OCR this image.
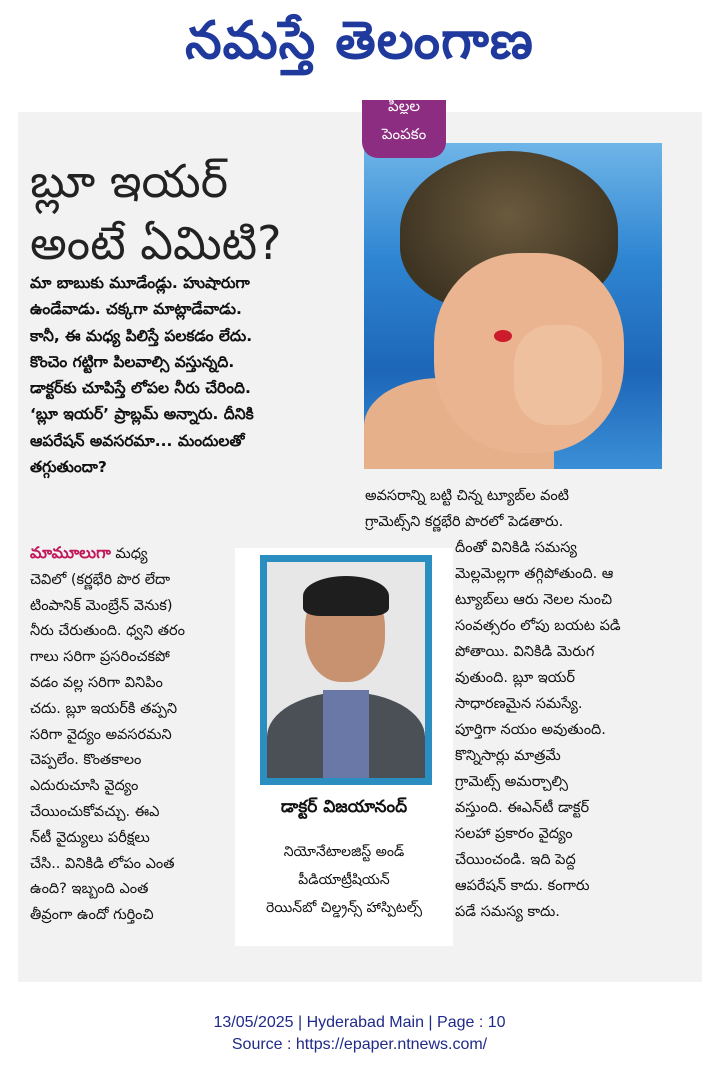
నమస్తే తెలంగాణ
పిల్లల
పెంపకం
బ్లూ ఇయర్
అంటే ఏమిటి?
మా బాబుకు మూడేండ్లు. హుషారుగా
ఉండేవాడు. చక్కగా మాట్లాడేవాడు.
కానీ, ఈ మధ్య పిలిస్తే పలకడం లేదు.
కొంచెం గట్టిగా పిలవాల్సి వస్తున్నది.
డాక్టర్‌కు చూపిస్తే లోపల నీరు చేరింది.
‘బ్లూ ఇయర్’ ప్రాబ్లమ్ అన్నారు. దీనికి
ఆపరేషన్ అవసరమా... మందులతో
తగ్గుతుందా?
మామూలుగా మధ్య
చెవిలో (కర్ణభేరి పొర లేదా
టింపానిక్ మెంబ్రేన్ వెనుక)
నీరు చేరుతుంది. ధ్వని తరం
గాలు సరిగా ప్రసరించకపో
వడం వల్ల సరిగా వినిపిం
చదు. బ్లూ ఇయర్‌కి తప్పని
సరిగా వైద్యం అవసరమని
చెప్పలేం. కొంతకాలం
ఎదురుచూసి వైద్యం
చేయించుకోవచ్చు. ఈఎ
న్‌టీ వైద్యులు పరీక్షలు
చేసి.. వినికిడి లోపం ఎంత
ఉంది? ఇబ్బంది ఎంత
తీవ్రంగా ఉందో గుర్తించి
అవసరాన్ని బట్టి చిన్న ట్యూబ్‌ల వంటి
గ్రామెట్స్‌ని కర్ణభేరి పొరలో పెడతారు.
దీంతో వినికిడి సమస్య
మెల్లమెల్లగా తగ్గిపోతుంది. ఆ
ట్యూబ్‌లు ఆరు నెలల నుంచి
సంవత్సరం లోపు బయట పడి
పోతాయి. వినికిడి మెరుగ
వుతుంది. బ్లూ ఇయర్
సాధారణమైన సమస్యే.
పూర్తిగా నయం అవుతుంది.
కొన్నిసార్లు మాత్రమే
గ్రామెట్స్ అమర్చాల్సి
వస్తుంది. ఈఎన్‌టీ డాక్టర్
సలహా ప్రకారం వైద్యం
చేయించండి. ఇది పెద్ద
ఆపరేషన్ కాదు. కంగారు
పడే సమస్య కాదు.
డాక్టర్ విజయానంద్
నియోనేటాలజిస్ట్ అండ్
పీడియాట్రీషియన్
రెయిన్‌బో చిల్డ్రన్స్ హాస్పిటల్స్
13/05/2025 | Hyderabad Main | Page : 10
Source : https://epaper.ntnews.com/
